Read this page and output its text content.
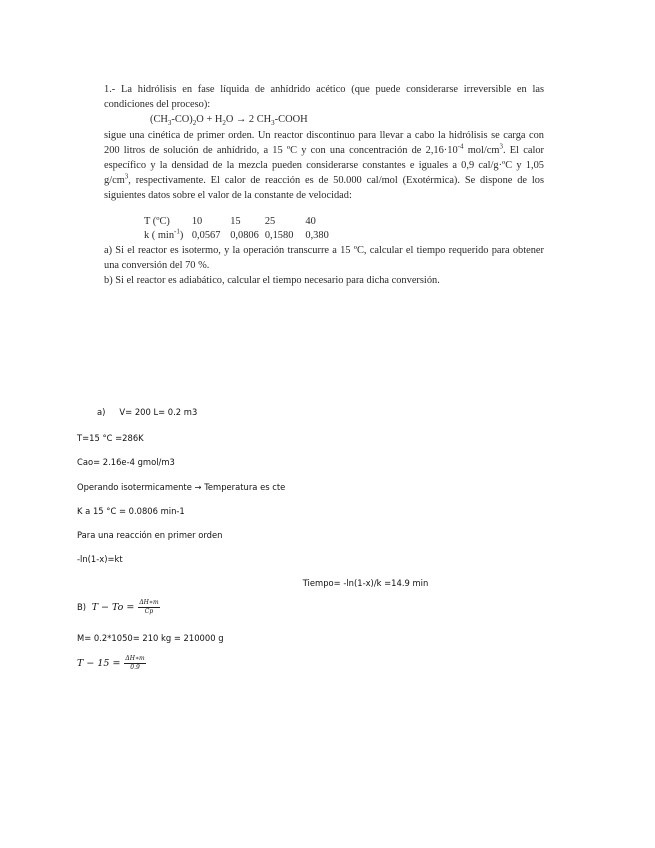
1.- La hidrólisis en fase líquida de anhídrido acético (que puede considerarse irreversible en las condiciones del proceso):

$(CH_3-CO)_2O + H_2O \to 2$ $CH_3$-COOH

sigue una cinética de primer orden. Un reactor discontinuo para llevar a cabo la hidrólisis se carga con 200 litros de solución de anhídrido, a 15 ºC y con una concentración de $2,16\cdot 10^{-4}$ mol/$cm^3$. El calor específico y la densidad de la mezcla pueden considerarse constantes e iguales a 0,9 cal/g·ºC y 1,05 $g/cm^3$, respectivamente. El calor de reacción es de 50.000 cal/mol (Exotérmica). Se dispone de los siguientes datos sobre el valor de la constante de velocidad:

T (ºC)	10	15	25	40
k ( $\min^{-1}$)	0,0567	0,0806	0,1580	0,380

a) Si el reactor es isotermo, y la operación transcurre a 15 ºC, calcular el tiempo requerido para obtener una conversión del 70 %.

b) Si el reactor es adiabático, calcular el tiempo necesario para dicha conversión.

a) V= 200 L= 0.2 m3
T=15 °C =286K
Cao= 2.16e-4 gmol/m3
Operando isotermicamente → Temperatura es cte
K a 15 °C = 0.0806 min-1
Para una reacción en primer orden
-ln(1-x)=kt
Tiempo= -ln(1-x)/k =14.9 min
B) $T - To = \frac{\Delta H∗m}{Cp}$
M= 0.2*1050= 210 kg = 210000 g
$T - 15 = \frac{\Delta H∗m}{0.9}$
